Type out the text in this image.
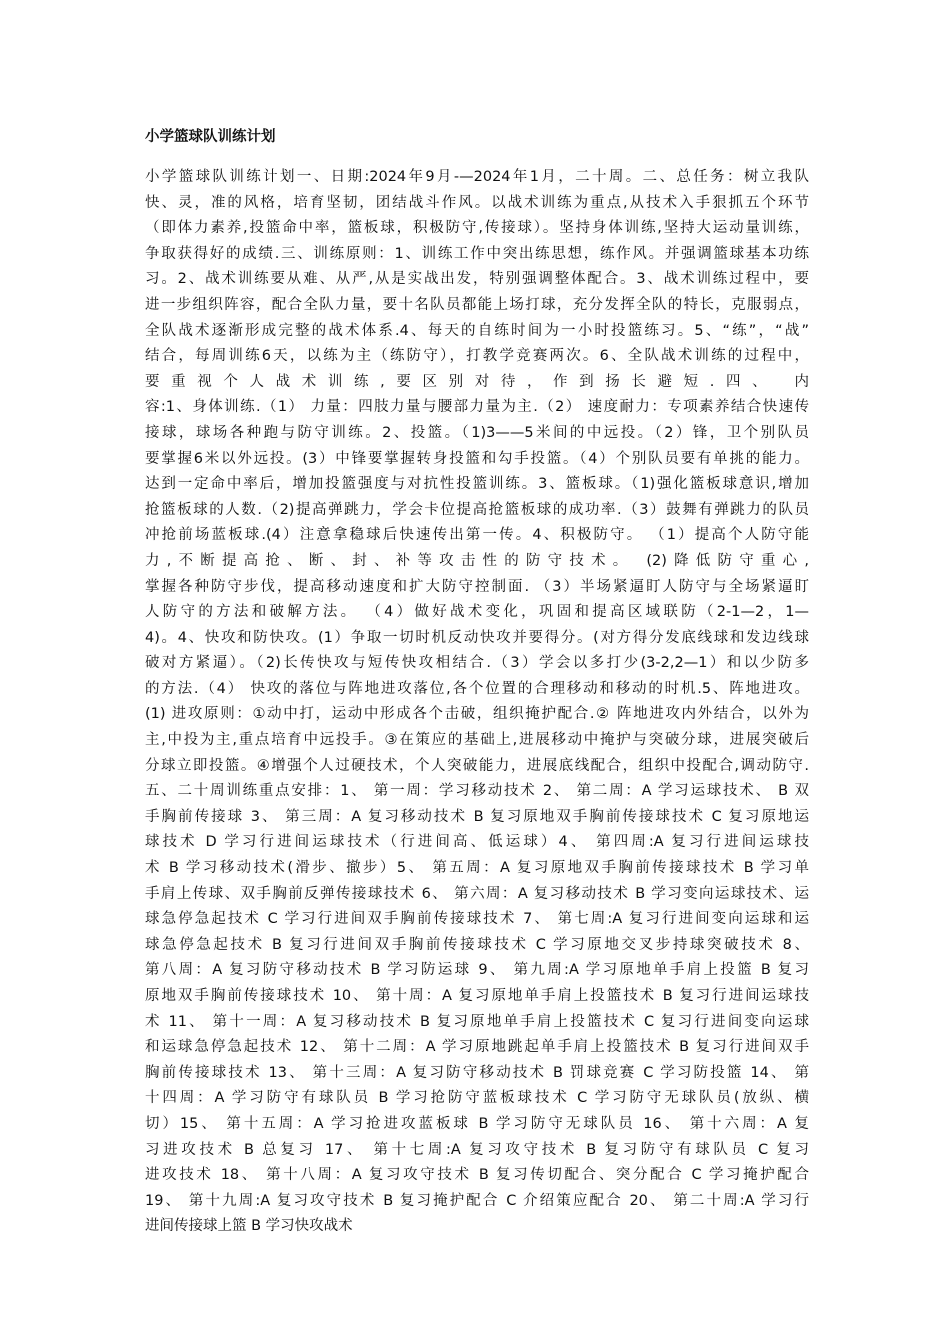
小学篮球队训练计划
小学篮球队训练计划一、日期:2024年9月-—2024年1月，二十周。二、总任务：树立我队
快、灵，准的风格，培育坚韧，团结战斗作风。以战术训练为重点,从技术入手狠抓五个环节
（即体力素养,投篮命中率，篮板球，积极防守,传接球）。坚持身体训练,坚持大运动量训练，
争取获得好的成绩.三、训练原则：1、训练工作中突出练思想，练作风。并强调篮球基本功练
习。2、战术训练要从难、从严,从是实战出发，特别强调整体配合。3、战术训练过程中，要
进一步组织阵容，配合全队力量，要十名队员都能上场打球，充分发挥全队的特长，克服弱点，
全队战术逐渐形成完整的战术体系.4、每天的自练时间为一小时投篮练习。5、“练”，“战”
结合，每周训练6天，以练为主（练防守），打教学竞赛两次。6、全队战术训练的过程中，
要重视个人战术训练,要区别对待，作到扬长避短.四、 内
容:1、身体训练.（1） 力量：四肢力量与腰部力量为主.（2） 速度耐力：专项素养结合快速传
接球，球场各种跑与防守训练。2、投篮。（1)3——5米间的中远投。（2）锋，卫个别队员
要掌握6米以外远投。(3）中锋要掌握转身投篮和勾手投篮。（4）个别队员要有单挑的能力。
达到一定命中率后，增加投篮强度与对抗性投篮训练。3、篮板球。（1)强化篮板球意识,增加
抢篮板球的人数.（2)提高弹跳力，学会卡位提高抢篮板球的成功率.（3）鼓舞有弹跳力的队员
冲抢前场蓝板球.(4）注意拿稳球后快速传出第一传。4、积极防守。 （1）提高个人防守能
力,不断提高抢、断、封、补等攻击性的防守技术。 (2)降低防守重心,
掌握各种防守步伐，提高移动速度和扩大防守控制面. （3）半场紧逼盯人防守与全场紧逼盯
人防守的方法和破解方法。 （4）做好战术变化，巩固和提高区域联防（2-1—2，1—
4)。4、快攻和防快攻。(1）争取一切时机反动快攻并要得分。(对方得分发底线球和发边线球
破对方紧逼）。（2)长传快攻与短传快攻相结合.（3）学会以多打少(3-2,2—1）和以少防多
的方法.（4） 快攻的落位与阵地进攻落位,各个位置的合理移动和移动的时机.5、阵地进攻。
(1) 进攻原则：①动中打，运动中形成各个击破，组织掩护配合.② 阵地进攻内外结合，以外为
主,中投为主,重点培育中远投手。③在策应的基础上,进展移动中掩护与突破分球，进展突破后
分球立即投篮。④增强个人过硬技术，个人突破能力，进展底线配合，组织中投配合,调动防守.
五、二十周训练重点安排：1、 第一周：学习移动技术 2、 第二周：A 学习运球技术、 B 双
手胸前传接球 3、 第三周：A 复习移动技术 B 复习原地双手胸前传接球技术 C 复习原地运
球技术 D 学习行进间运球技术（行进间高、低运球）4、 第四周:A 复习行进间运球技
术 B 学习移动技术(滑步、撤步）5、 第五周：A 复习原地双手胸前传接球技术 B 学习单
手肩上传球、双手胸前反弹传接球技术 6、 第六周：A 复习移动技术 B 学习变向运球技术、运
球急停急起技术 C 学习行进间双手胸前传接球技术 7、 第七周:A 复习行进间变向运球和运
球急停急起技术 B 复习行进间双手胸前传接球技术 C 学习原地交叉步持球突破技术 8、
第八周：A 复习防守移动技术 B 学习防运球 9、 第九周:A 学习原地单手肩上投篮 B 复习
原地双手胸前传接球技术 10、 第十周：A 复习原地单手肩上投篮技术 B 复习行进间运球技
术 11、 第十一周：A 复习移动技术 B 复习原地单手肩上投篮技术 C 复习行进间变向运球
和运球急停急起技术 12、 第十二周：A 学习原地跳起单手肩上投篮技术 B 复习行进间双手
胸前传接球技术 13、 第十三周：A 复习防守移动技术 B 罚球竞赛 C 学习防投篮 14、 第
十四周：A 学习防守有球队员 B 学习抢防守蓝板球技术 C 学习防守无球队员(放纵、横
切）15、 第十五周：A 学习抢进攻蓝板球 B 学习防守无球队员 16、 第十六周：A 复
习进攻技术 B 总复习 17、 第十七周:A 复习攻守技术 B 复习防守有球队员 C 复习
进攻技术 18、 第十八周：A 复习攻守技术 B 复习传切配合、突分配合 C 学习掩护配合
19、 第十九周:A 复习攻守技术 B 复习掩护配合 C 介绍策应配合 20、 第二十周:A 学习行
进间传接球上篮 B 学习快攻战术
